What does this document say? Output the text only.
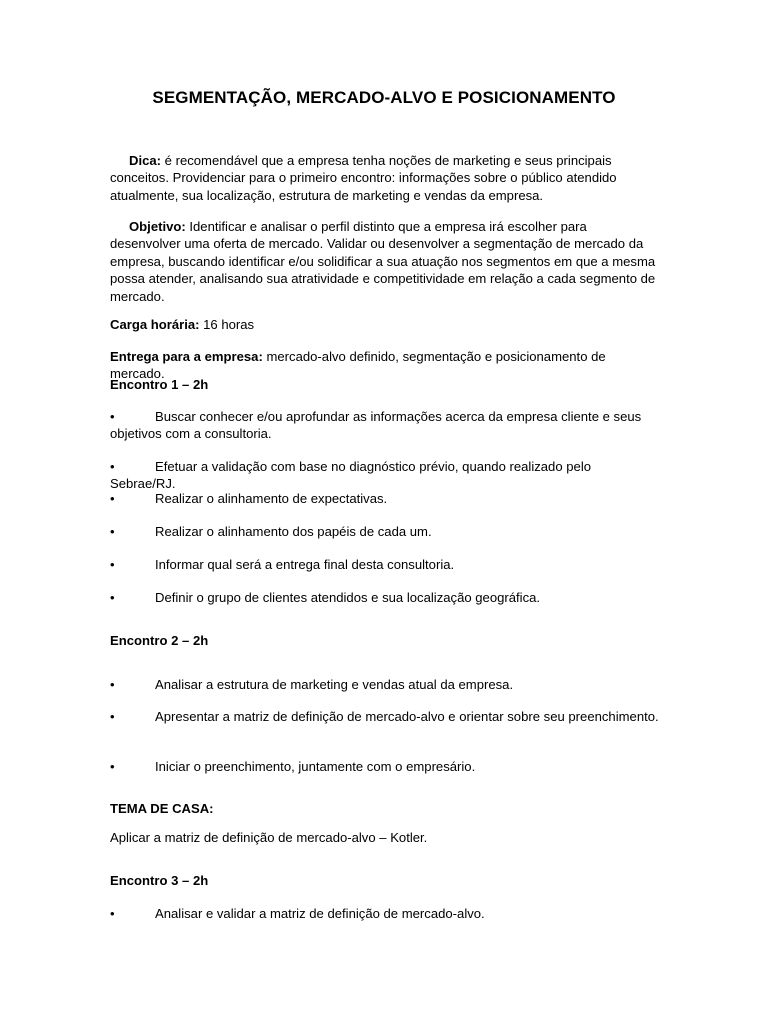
SEGMENTAÇÃO, MERCADO-ALVO E POSICIONAMENTO
Dica: é recomendável que a empresa tenha noções de marketing e seus principais conceitos. Providenciar para o primeiro encontro: informações sobre o público atendido atualmente, sua localização, estrutura de marketing e vendas da empresa.
Objetivo: Identificar e analisar o perfil distinto que a empresa irá escolher para desenvolver uma oferta de mercado. Validar ou desenvolver a segmentação de mercado da empresa, buscando identificar e/ou solidificar a sua atuação nos segmentos em que a mesma possa atender, analisando sua atratividade e competitividade em relação a cada segmento de mercado.
Carga horária: 16 horas
Entrega para a empresa: mercado-alvo definido, segmentação e posicionamento de mercado.
Encontro 1 – 2h
•	Buscar conhecer e/ou aprofundar as informações acerca da empresa cliente e seus objetivos com a consultoria.
•	Efetuar a validação com base no diagnóstico prévio, quando realizado pelo Sebrae/RJ.
•	Realizar o alinhamento de expectativas.
•	Realizar o alinhamento dos papéis de cada um.
•	Informar qual será a entrega final desta consultoria.
•	Definir o grupo de clientes atendidos e sua localização geográfica.
Encontro 2 – 2h
•	Analisar a estrutura de marketing e vendas atual da empresa.
•	Apresentar a matriz de definição de mercado-alvo e orientar sobre seu preenchimento.
•	Iniciar o preenchimento, juntamente com o empresário.
TEMA DE CASA:
Aplicar a matriz de definição de mercado-alvo – Kotler.
Encontro 3 – 2h
•	Analisar e validar a matriz de definição de mercado-alvo.
